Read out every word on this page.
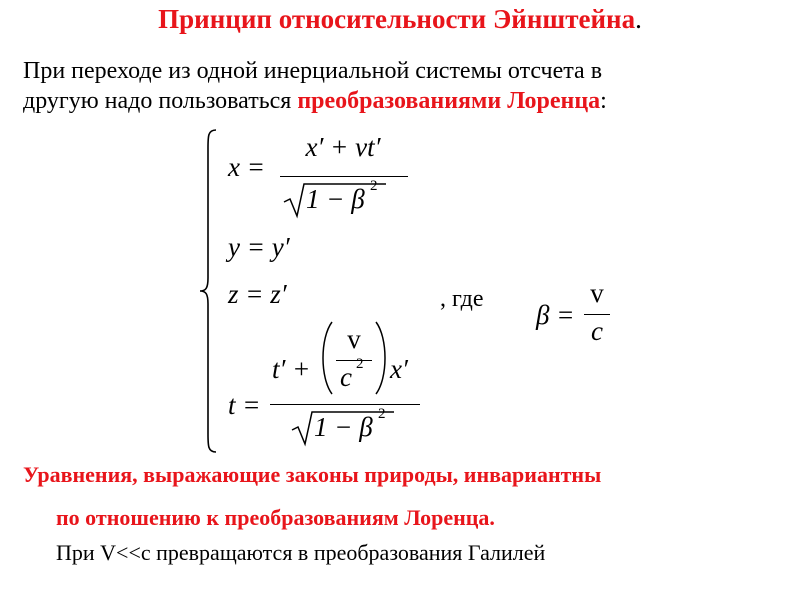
Принцип относительности Эйнштейна.
При переходе из одной инерциальной системы отсчета в
другую надо пользоваться преобразованиями Лоренца:
x =
x′ + vt′
1 − β 2
y = y′
z = z′	, где
β =
v
c
t =
t′ +
v
c 2 x′
1 − β 2
Уравнения, выражающие законы природы, инвариантны
по отношению к преобразованиям Лоренца.
При V<<c превращаются в преобразования Галилей
